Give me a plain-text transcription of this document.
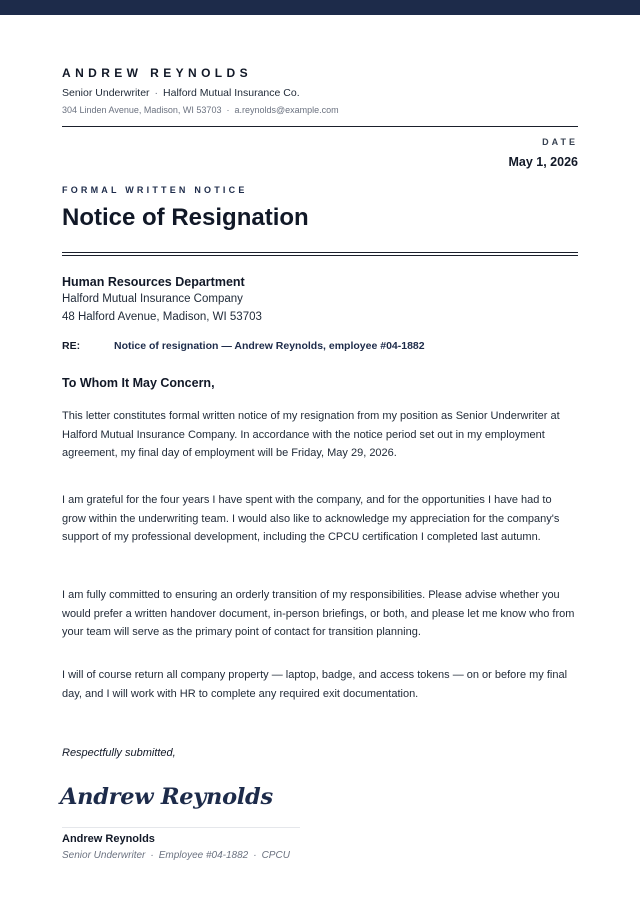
ANDREW REYNOLDS
Senior Underwriter · Halford Mutual Insurance Co.
304 Linden Avenue, Madison, WI 53703 · a.reynolds@example.com
DATE
May 1, 2026
FORMAL WRITTEN NOTICE
Notice of Resignation
Human Resources Department
Halford Mutual Insurance Company
48 Halford Avenue, Madison, WI 53703
RE:	Notice of resignation — Andrew Reynolds, employee #04-1882
To Whom It May Concern,

This letter constitutes formal written notice of my resignation from my position as Senior Underwriter at Halford Mutual Insurance Company. In accordance with the notice period set out in my employment agreement, my final day of employment will be Friday, May 29, 2026.

I am grateful for the four years I have spent with the company, and for the opportunities I have had to grow within the underwriting team. I would also like to acknowledge my appreciation for the company's support of my professional development, including the CPCU certification I completed last autumn.

I am fully committed to ensuring an orderly transition of my responsibilities. Please advise whether you would prefer a written handover document, in-person briefings, or both, and please let me know who from your team will serve as the primary point of contact for transition planning.

I will of course return all company property — laptop, badge, and access tokens — on or before my final day, and I will work with HR to complete any required exit documentation.

Respectfully submitted,
Andrew Reynolds
Andrew Reynolds
Senior Underwriter · Employee #04-1882 · CPCU
